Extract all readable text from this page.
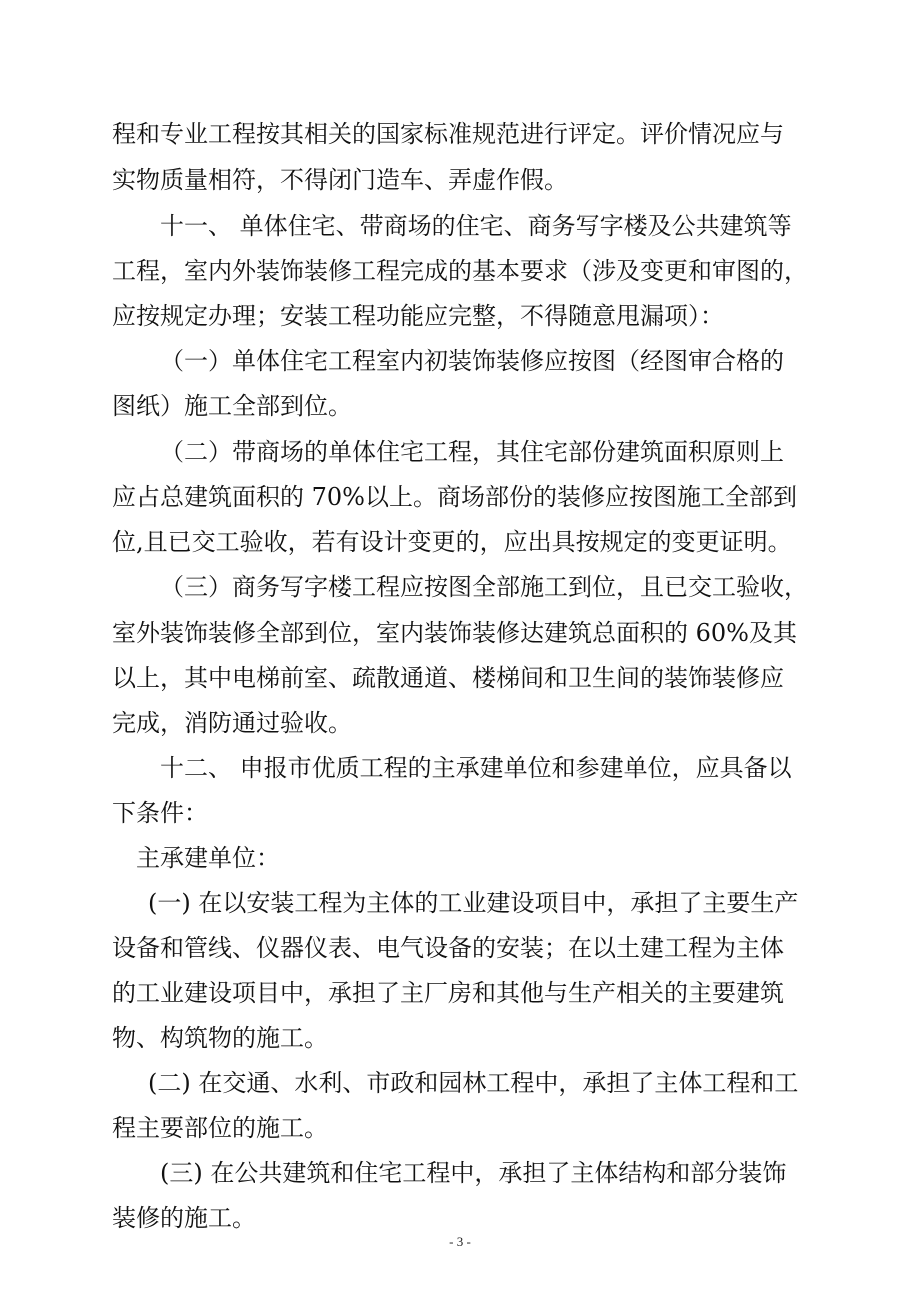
程和专业工程按其相关的国家标准规范进行评定。评价情况应与
实物质量相符，不得闭门造车、弄虚作假。
十一、 单体住宅、带商场的住宅、商务写字楼及公共建筑等
工程，室内外装饰装修工程完成的基本要求（涉及变更和审图的，
应按规定办理；安装工程功能应完整，不得随意甩漏项）：
（一）单体住宅工程室内初装饰装修应按图（经图审合格的
图纸）施工全部到位。
（二）带商场的单体住宅工程，其住宅部份建筑面积原则上
应占总建筑面积的 70%以上。商场部份的装修应按图施工全部到
位,且已交工验收，若有设计变更的，应出具按规定的变更证明。
（三）商务写字楼工程应按图全部施工到位，且已交工验收，
室外装饰装修全部到位，室内装饰装修达建筑总面积的 60%及其
以上，其中电梯前室、疏散通道、楼梯间和卫生间的装饰装修应
完成，消防通过验收。
十二、 申报市优质工程的主承建单位和参建单位，应具备以
下条件：
主承建单位：
(一) 在以安装工程为主体的工业建设项目中，承担了主要生产
设备和管线、仪器仪表、电气设备的安装；在以土建工程为主体
的工业建设项目中，承担了主厂房和其他与生产相关的主要建筑
物、构筑物的施工。
(二) 在交通、水利、市政和园林工程中，承担了主体工程和工
程主要部位的施工。
(三) 在公共建筑和住宅工程中，承担了主体结构和部分装饰
装修的施工。
- 3 -
